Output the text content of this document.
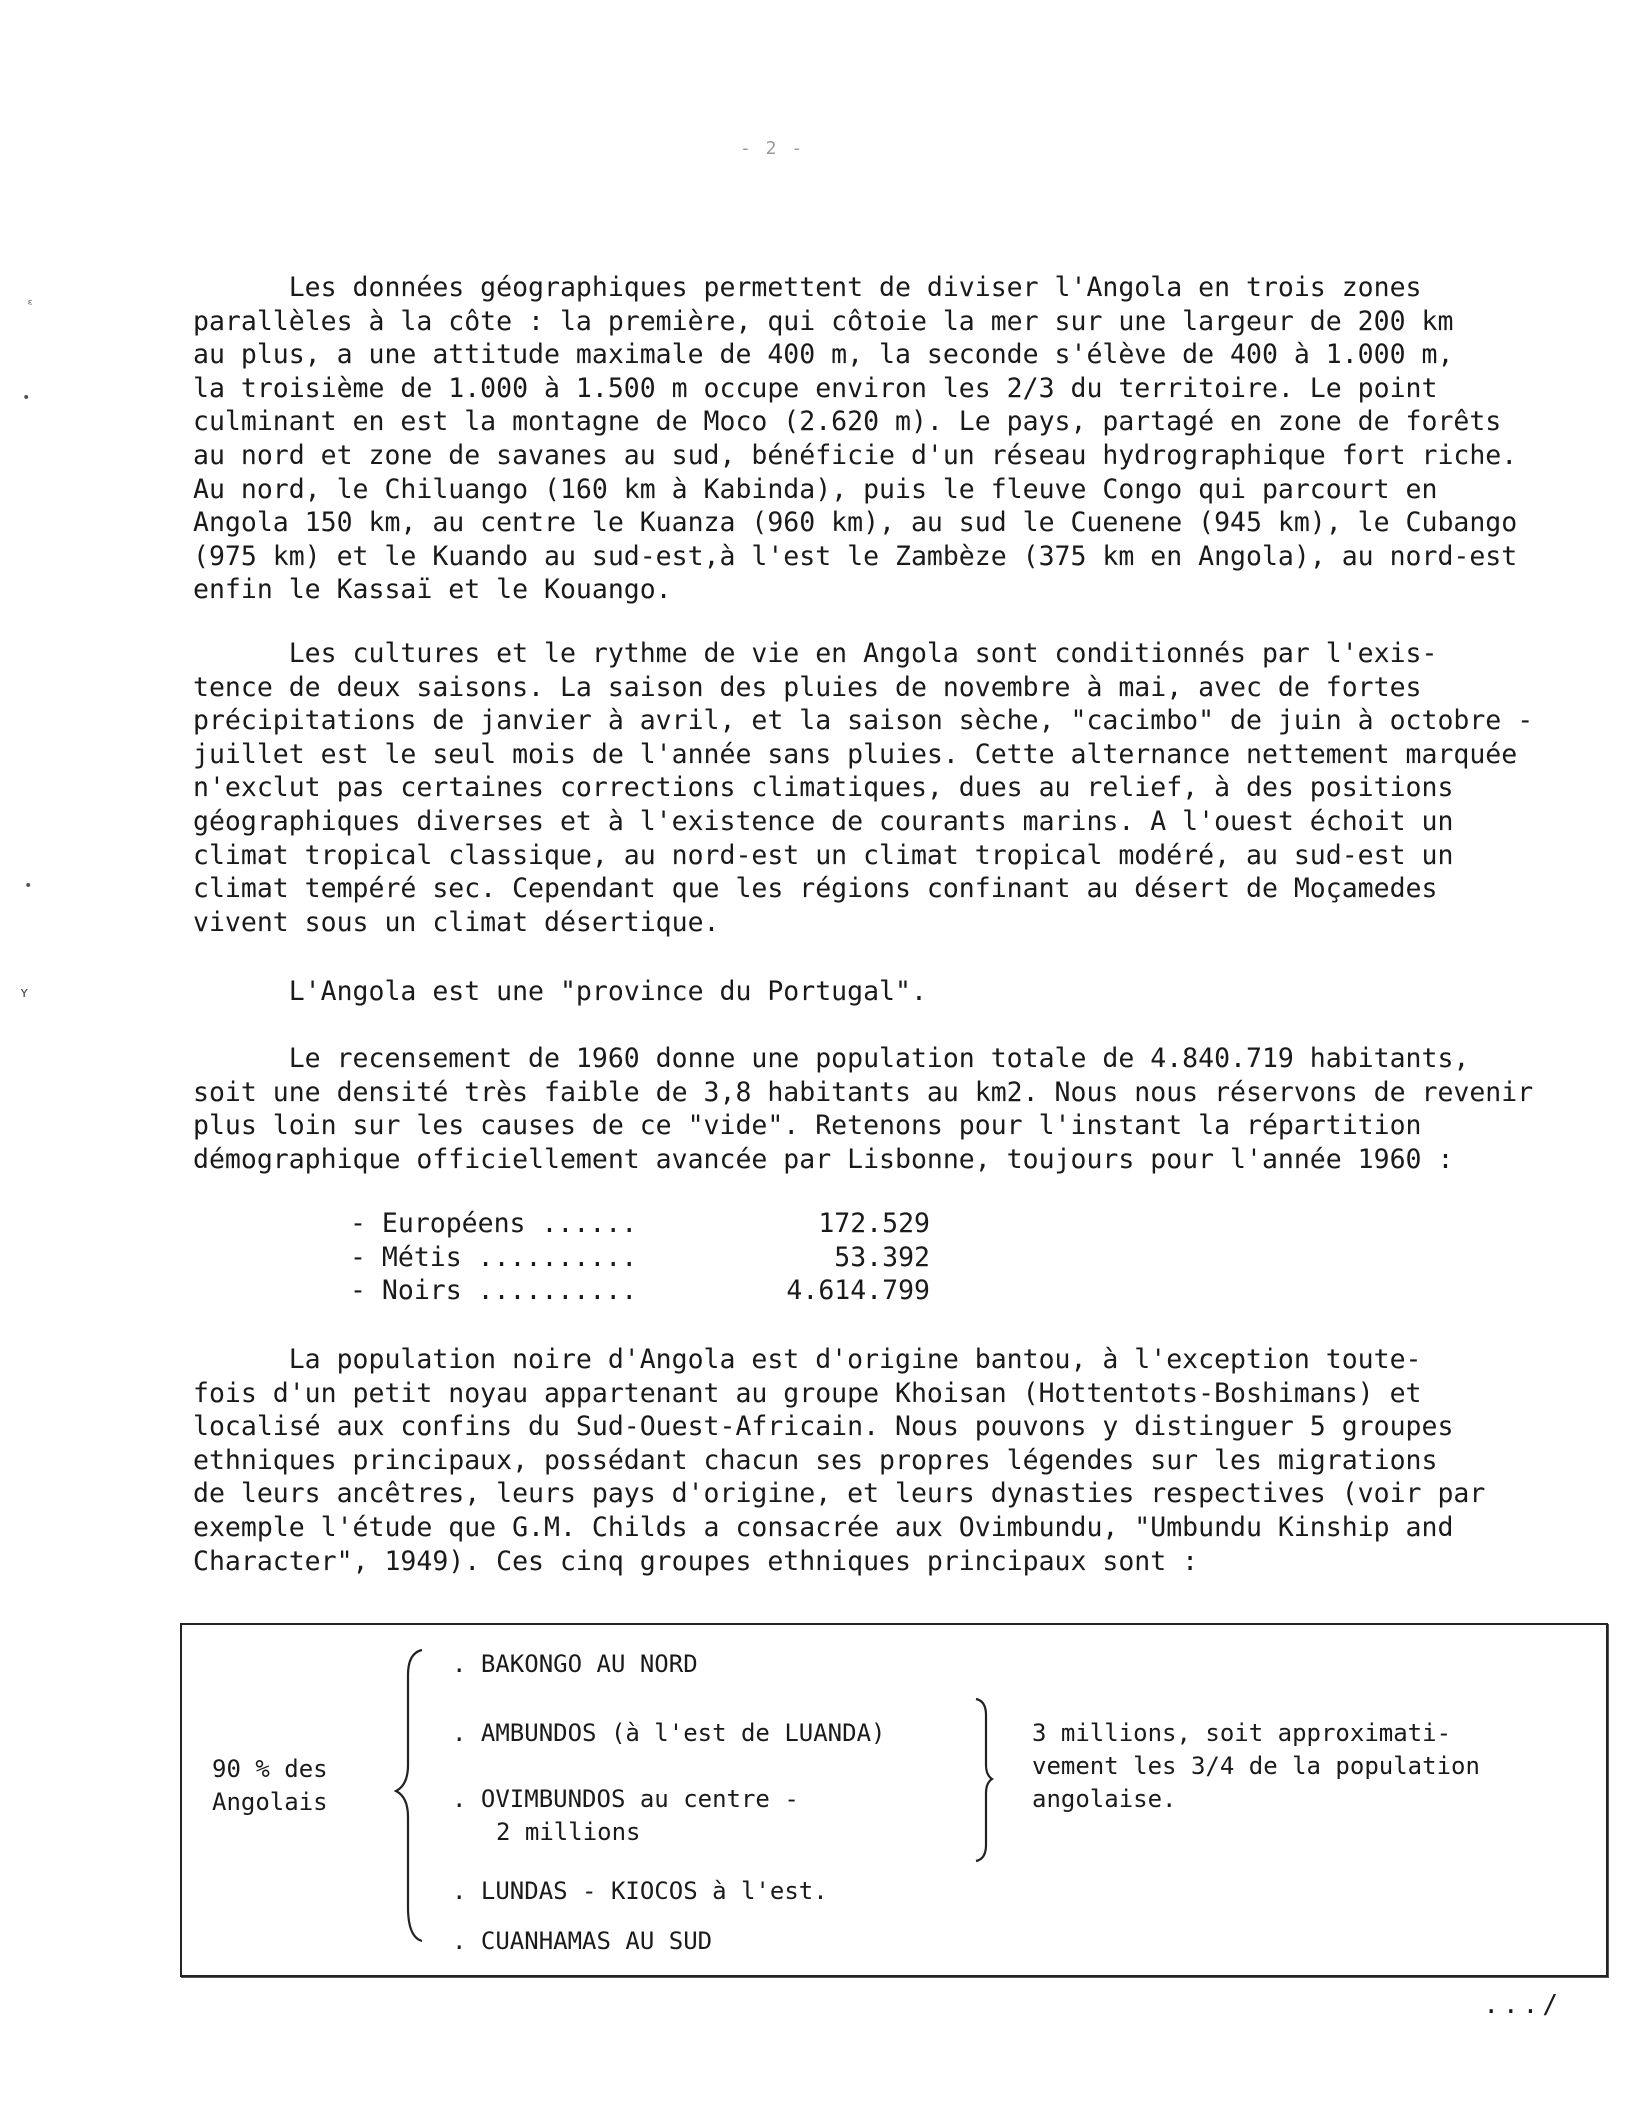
- 2 -
ᵋ
•
•
ʏ
Les données géographiques permettent de diviser l'Angola en trois zones
parallèles à la côte : la première, qui côtoie la mer sur une largeur de 200 km
au plus, a une attitude maximale de 400 m, la seconde s'élève de 400 à 1.000 m,
la troisième de 1.000 à 1.500 m occupe environ les 2/3 du territoire. Le point
culminant en est la montagne de Moco (2.620 m). Le pays, partagé en zone de forêts
au nord et zone de savanes au sud, bénéficie d'un réseau hydrographique fort riche.
Au nord, le Chiluango (160 km à Kabinda), puis le fleuve Congo qui parcourt en
Angola 150 km, au centre le Kuanza (960 km), au sud le Cuenene (945 km), le Cubango
(975 km) et le Kuando au sud-est,à l'est le Zambèze (375 km en Angola), au nord-est
enfin le Kassaï et le Kouango.
Les cultures et le rythme de vie en Angola sont conditionnés par l'exis-
tence de deux saisons. La saison des pluies de novembre à mai, avec de fortes
précipitations de janvier à avril, et la saison sèche, "cacimbo" de juin à octobre -
juillet est le seul mois de l'année sans pluies. Cette alternance nettement marquée
n'exclut pas certaines corrections climatiques, dues au relief, à des positions
géographiques diverses et à l'existence de courants marins. A l'ouest échoit un
climat tropical classique, au nord-est un climat tropical modéré, au sud-est un
climat tempéré sec. Cependant que les régions confinant au désert de Moçamedes
vivent sous un climat désertique.
L'Angola est une "province du Portugal".
Le recensement de 1960 donne une population totale de 4.840.719 habitants,
soit une densité très faible de 3,8 habitants au km2. Nous nous réservons de revenir
plus loin sur les causes de ce "vide". Retenons pour l'instant la répartition
démographique officiellement avancée par Lisbonne, toujours pour l'année 1960 :
- Européens ......	172.529
- Métis ..........	53.392
- Noirs ..........	4.614.799
La population noire d'Angola est d'origine bantou, à l'exception toute-
fois d'un petit noyau appartenant au groupe Khoisan (Hottentots-Boshimans) et
localisé aux confins du Sud-Ouest-Africain. Nous pouvons y distinguer 5 groupes
ethniques principaux, possédant chacun ses propres légendes sur les migrations
de leurs ancêtres, leurs pays d'origine, et leurs dynasties respectives (voir par
exemple l'étude que G.M. Childs a consacrée aux Ovimbundu, "Umbundu Kinship and
Character", 1949). Ces cinq groupes ethniques principaux sont :
90 % des
Angolais
. BAKONGO AU NORD
. AMBUNDOS (à l'est de LUANDA)
. OVIMBUNDOS au centre -
2 millions
. LUNDAS - KIOCOS à l'est.
. CUANHAMAS AU SUD
3 millions, soit approximati-
vement les 3/4 de la population
angolaise.
.../
